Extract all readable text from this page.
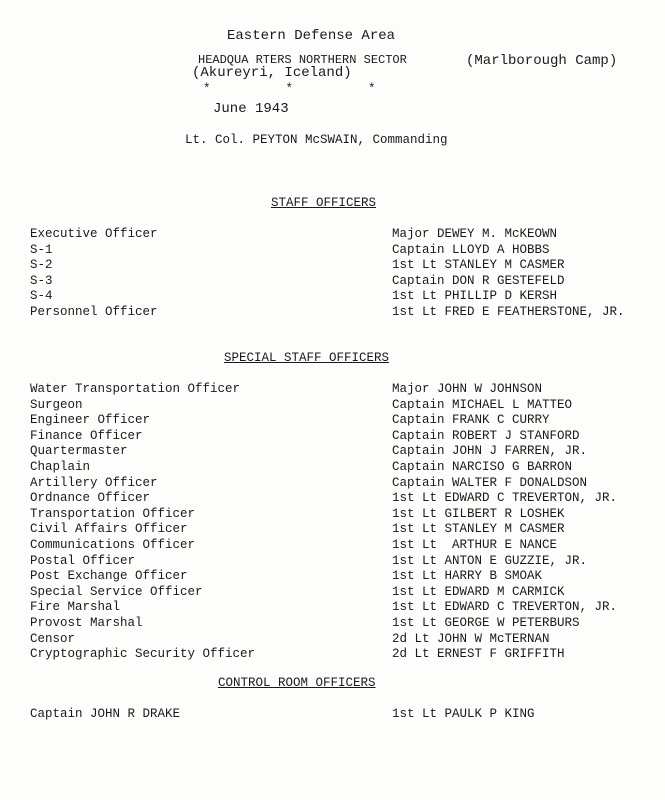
Eastern Defense Area
HEADQUA RTERS NORTHERN SECTOR	(Marlborough Camp)
(Akureyri, Iceland)
*          *          *
June 1943
Lt. Col. PEYTON McSWAIN, Commanding
STAFF OFFICERS
Executive Officer	Major DEWEY M. McKEOWN
S-1	Captain LLOYD A HOBBS
S-2	1st Lt STANLEY M CASMER
S-3	Captain DON R GESTEFELD
S-4	1st Lt PHILLIP D KERSH
Personnel Officer	1st Lt FRED E FEATHERSTONE, JR.
SPECIAL STAFF OFFICERS
Water Transportation Officer	Major JOHN W JOHNSON
Surgeon	Captain MICHAEL L MATTEO
Engineer Officer	Captain FRANK C CURRY
Finance Officer	Captain ROBERT J STANFORD
Quartermaster	Captain JOHN J FARREN, JR.
Chaplain	Captain NARCISO G BARRON
Artillery Officer	Captain WALTER F DONALDSON
Ordnance Officer	1st Lt EDWARD C TREVERTON, JR.
Transportation Officer	1st Lt GILBERT R LOSHEK
Civil Affairs Officer	1st Lt STANLEY M CASMER
Communications Officer	1st Lt  ARTHUR E NANCE
Postal Officer	1st Lt ANTON E GUZZIE, JR.
Post Exchange Officer	1st Lt HARRY B SMOAK
Special Service Officer	1st Lt EDWARD M CARMICK
Fire Marshal	1st Lt EDWARD C TREVERTON, JR.
Provost Marshal	1st Lt GEORGE W PETERBURS
Censor	2d Lt JOHN W McTERNAN
Cryptographic Security Officer	2d Lt ERNEST F GRIFFITH
CONTROL ROOM OFFICERS
Captain JOHN R DRAKE	1st Lt PAULK P KING
